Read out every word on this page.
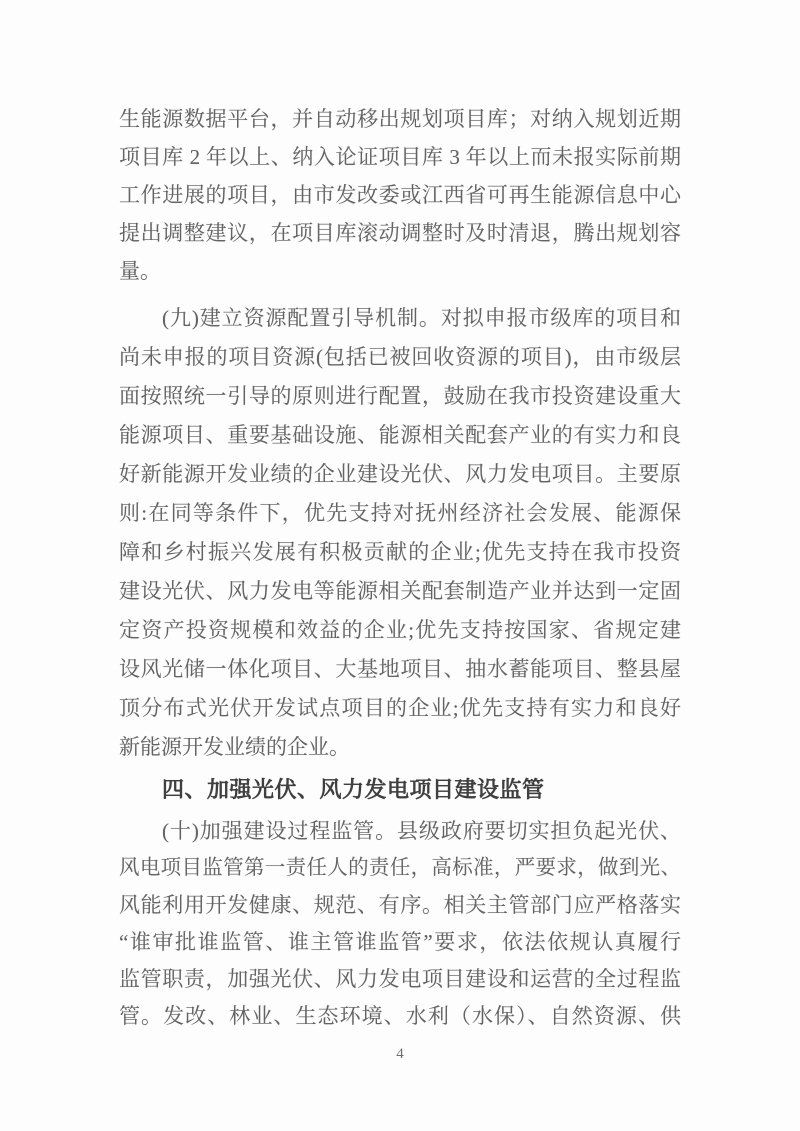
生能源数据平台，并自动移出规划项目库；对纳入规划近期
项目库 2 年以上、纳入论证项目库 3 年以上而未报实际前期
工作进展的项目，由市发改委或江西省可再生能源信息中心
提出调整建议，在项目库滚动调整时及时清退，腾出规划容
量。
(九)建立资源配置引导机制。对拟申报市级库的项目和
尚未申报的项目资源(包括已被回收资源的项目)，由市级层
面按照统一引导的原则进行配置，鼓励在我市投资建设重大
能源项目、重要基础设施、能源相关配套产业的有实力和良
好新能源开发业绩的企业建设光伏、风力发电项目。主要原
则:在同等条件下，优先支持对抚州经济社会发展、能源保
障和乡村振兴发展有积极贡献的企业;优先支持在我市投资
建设光伏、风力发电等能源相关配套制造产业并达到一定固
定资产投资规模和效益的企业;优先支持按国家、省规定建
设风光储一体化项目、大基地项目、抽水蓄能项目、整县屋
顶分布式光伏开发试点项目的企业;优先支持有实力和良好
新能源开发业绩的企业。
四、加强光伏、风力发电项目建设监管
(十)加强建设过程监管。县级政府要切实担负起光伏、
风电项目监管第一责任人的责任，高标准，严要求，做到光、
风能利用开发健康、规范、有序。相关主管部门应严格落实
“谁审批谁监管、谁主管谁监管”要求，依法依规认真履行
监管职责，加强光伏、风力发电项目建设和运营的全过程监
管。发改、林业、生态环境、水利（水保）、自然资源、供
4
